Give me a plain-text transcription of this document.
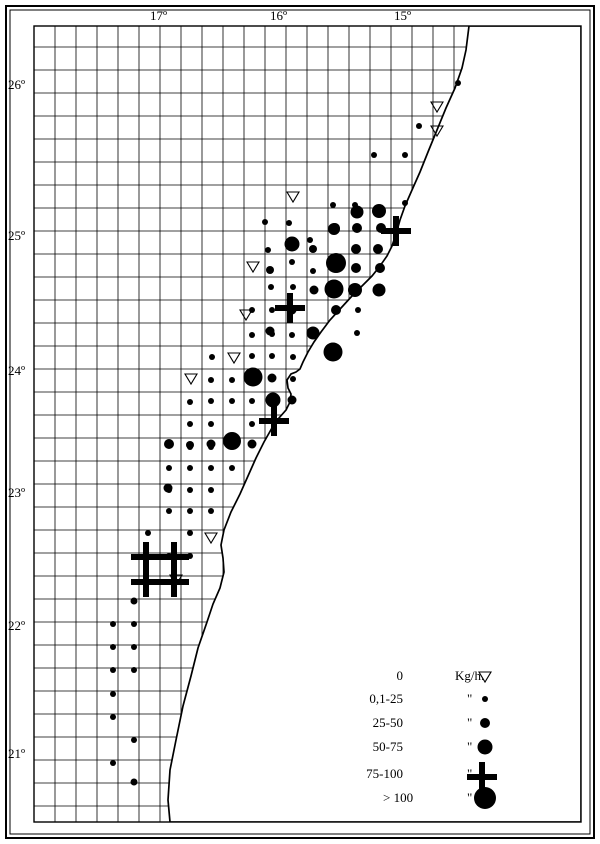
17º	16º	15º
26º
25º
24º
23º
22º
21º
0	Kg/h.
0,1-25	"
25-50	"
50-75	"
75-100	"
> 100	"
